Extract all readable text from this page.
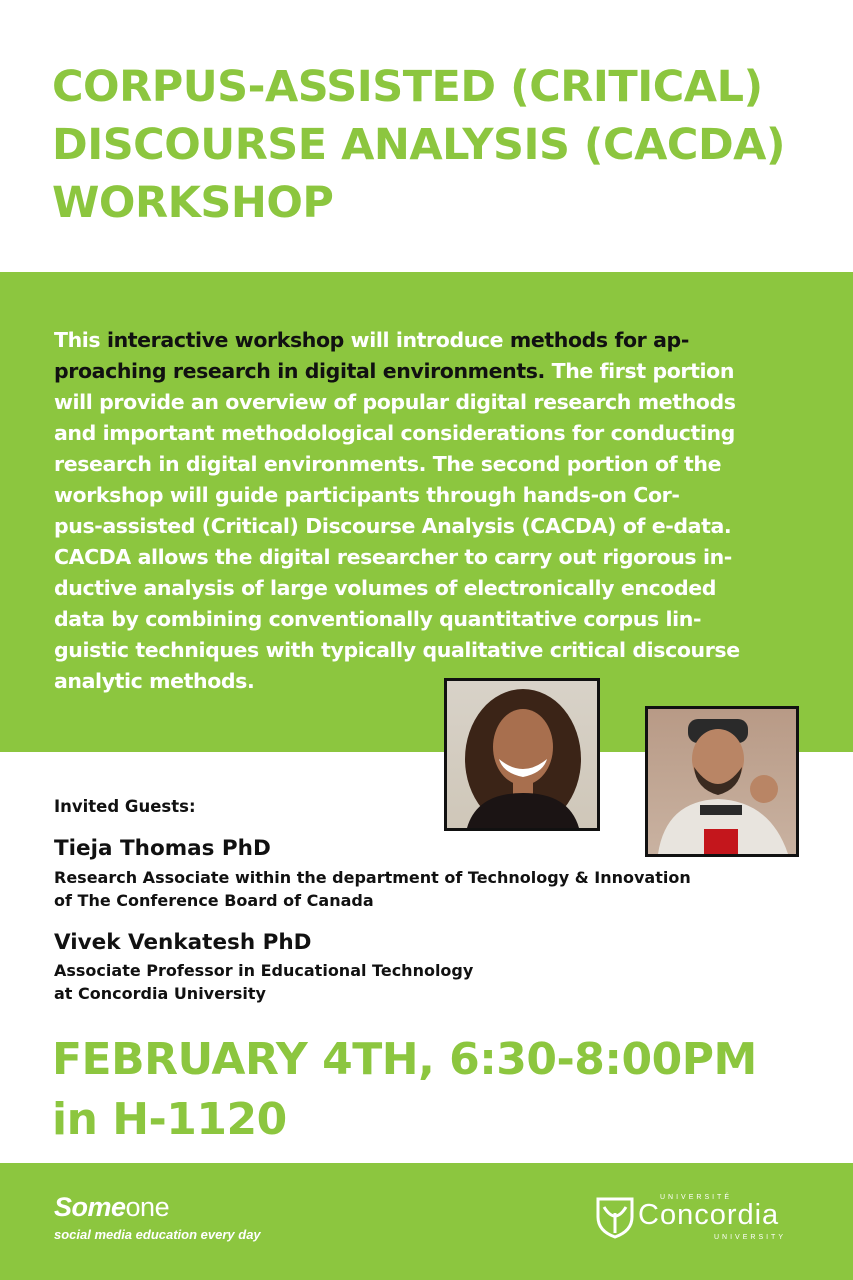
CORPUS-ASSISTED (CRITICAL)
DISCOURSE ANALYSIS (CACDA)
WORKSHOP

This interactive workshop will introduce methods for ap-
proaching research in digital environments. The first portion
will provide an overview of popular digital research methods
and important methodological considerations for conducting
research in digital environments. The second portion of the
workshop will guide participants through hands-on Cor-
pus-assisted (Critical) Discourse Analysis (CACDA) of e-data.
CACDA allows the digital researcher to carry out rigorous in-
ductive analysis of large volumes of electronically encoded
data by combining conventionally quantitative corpus lin-
guistic techniques with typically qualitative critical discourse
analytic methods.

Invited Guests:

Tieja Thomas PhD

Research Associate within the department of Technology & Innovation
of The Conference Board of Canada

Vivek Venkatesh PhD

Associate Professor in Educational Technology
at Concordia University

FEBRUARY 4TH, 6:30-8:00PM
in H-1120

Someone

social media education every day

UNIVERSITÉ
Concordia
UNIVERSITY
